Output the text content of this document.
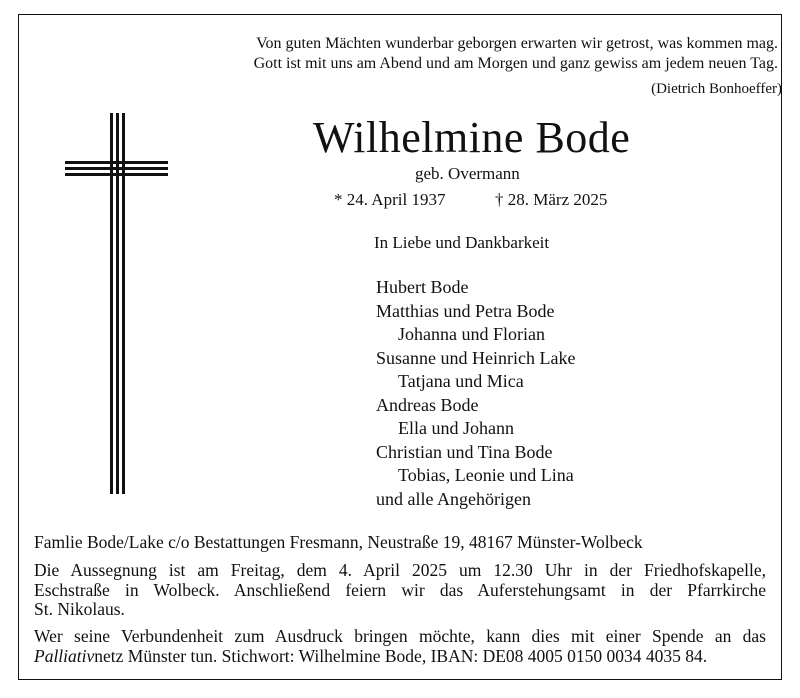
Von guten Mächten wunderbar geborgen erwarten wir getrost, was kommen mag.
Gott ist mit uns am Abend und am Morgen und ganz gewiss am jedem neuen Tag.
(Dietrich Bonhoeffer)
Wilhelmine Bode
geb. Overmann
* 24. April 1937	† 28. März 2025
In Liebe und Dankbarkeit
Hubert Bode
Matthias und Petra Bode
Johanna und Florian
Susanne und Heinrich Lake
Tatjana und Mica
Andreas Bode
Ella und Johann
Christian und Tina Bode
Tobias, Leonie und Lina
und alle Angehörigen
Famlie Bode/Lake c/o Bestattungen Fresmann, Neustraße 19, 48167 Münster-Wolbeck
Die Aussegnung ist am Freitag, dem 4. April 2025 um 12.30 Uhr in der Friedhofskapelle,
Eschstraße in Wolbeck. Anschließend feiern wir das Auferstehungsamt in der Pfarrkirche
St. Nikolaus.
Wer seine Verbundenheit zum Ausdruck bringen möchte, kann dies mit einer Spende an das
Palliativnetz Münster tun. Stichwort: Wilhelmine Bode, IBAN: DE08 4005 0150 0034 4035 84.
